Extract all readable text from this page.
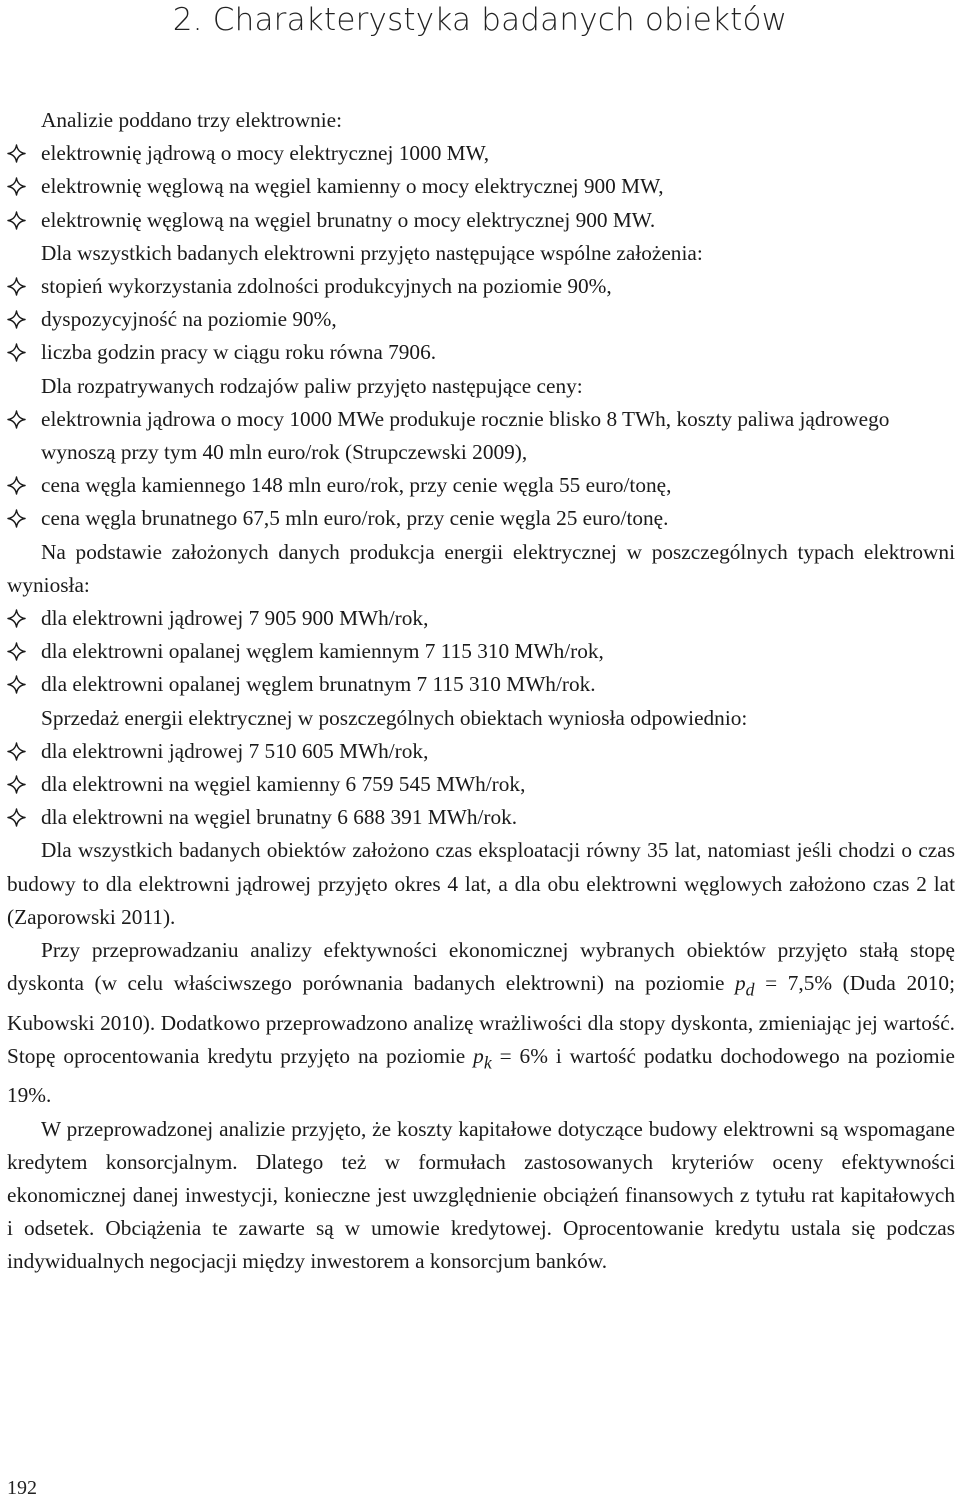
2. Charakterystyka badanych obiektów

Analizie poddano trzy elektrownie:

elektrownię jądrową o mocy elektrycznej 1000 MW,
elektrownię węglową na węgiel kamienny o mocy elektrycznej 900 MW,
elektrownię węglową na węgiel brunatny o mocy elektrycznej 900 MW.

Dla wszystkich badanych elektrowni przyjęto następujące wspólne założenia:

stopień wykorzystania zdolności produkcyjnych na poziomie 90%,
dyspozycyjność na poziomie 90%,
liczba godzin pracy w ciągu roku równa 7906.

Dla rozpatrywanych rodzajów paliw przyjęto następujące ceny:

elektrownia jądrowa o mocy 1000 MWe produkuje rocznie blisko 8 TWh, koszty paliwa jądrowego wynoszą przy tym 40 mln euro/rok (Strupczewski 2009),
cena węgla kamiennego 148 mln euro/rok, przy cenie węgla 55 euro/tonę,
cena węgla brunatnego 67,5 mln euro/rok, przy cenie węgla 25 euro/tonę.

Na podstawie założonych danych produkcja energii elektrycznej w poszczególnych typach elektrowni wyniosła:

dla elektrowni jądrowej 7 905 900 MWh/rok,
dla elektrowni opalanej węglem kamiennym 7 115 310 MWh/rok,
dla elektrowni opalanej węglem brunatnym 7 115 310 MWh/rok.

Sprzedaż energii elektrycznej w poszczególnych obiektach wyniosła odpowiednio:

dla elektrowni jądrowej 7 510 605 MWh/rok,
dla elektrowni na węgiel kamienny 6 759 545 MWh/rok,
dla elektrowni na węgiel brunatny 6 688 391 MWh/rok.

Dla wszystkich badanych obiektów założono czas eksploatacji równy 35 lat, natomiast jeśli chodzi o czas budowy to dla elektrowni jądrowej przyjęto okres 4 lat, a dla obu elektrowni węglowych założono czas 2 lat (Zaporowski 2011).

Przy przeprowadzaniu analizy efektywności ekonomicznej wybranych obiektów przyjęto stałą stopę dyskonta (w celu właściwszego porównania badanych elektrowni) na poziomie $p_d = 7,5\%$ (Duda 2010; Kubowski 2010). Dodatkowo przeprowadzono analizę wrażliwości dla stopy dyskonta, zmieniając jej wartość. Stopę oprocentowania kredytu przyjęto na poziomie $p_k = 6\%$ i wartość podatku dochodowego na poziomie 19%.

W przeprowadzonej analizie przyjęto, że koszty kapitałowe dotyczące budowy elektrowni są wspomagane kredytem konsorcjalnym. Dlatego też w formułach zastosowanych kryteriów oceny efektywności ekonomicznej danej inwestycji, konieczne jest uwzględnienie obciążeń finansowych z tytułu rat kapitałowych i odsetek. Obciążenia te zawarte są w umowie kredytowej. Oprocentowanie kredytu ustala się podczas indywidualnych negocjacji między inwestorem a konsorcjum banków.

192
